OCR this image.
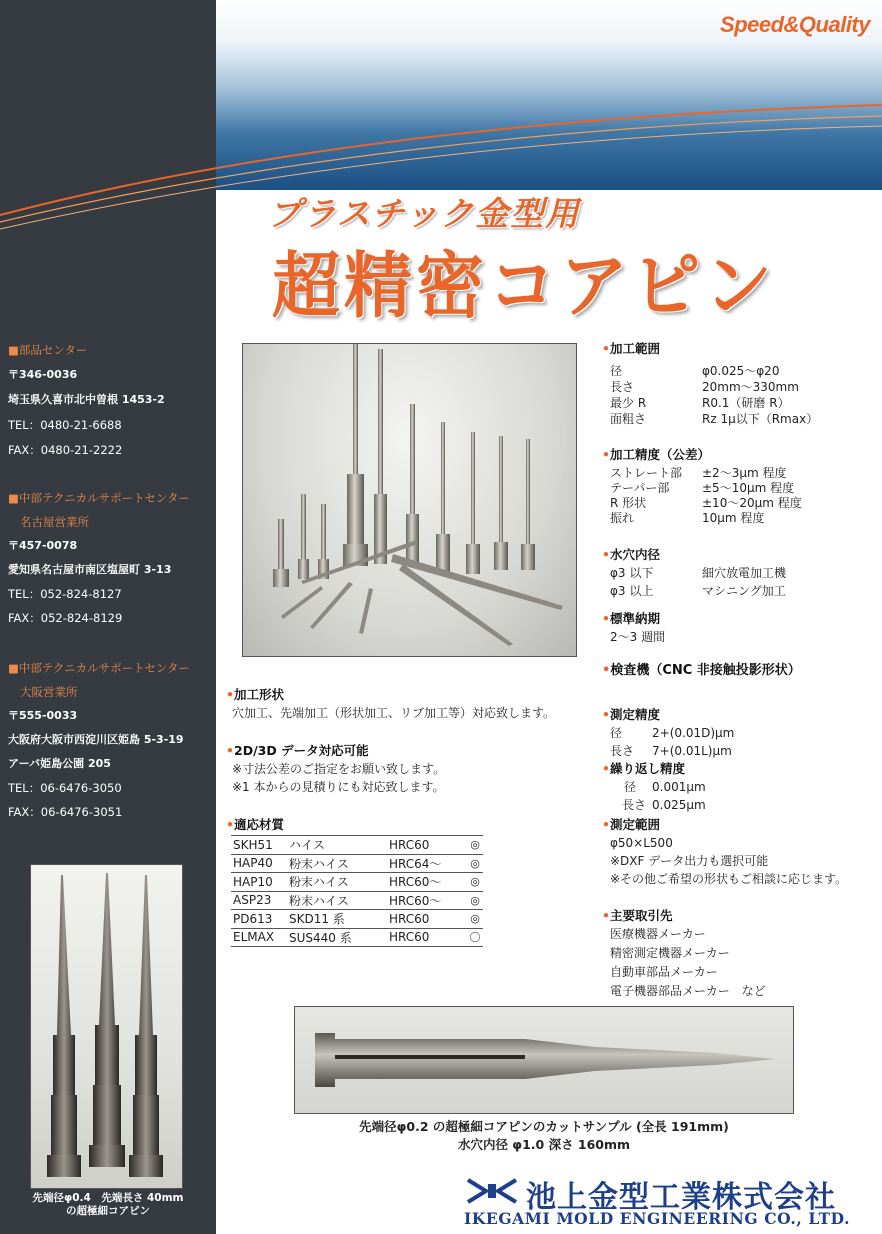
Speed&Quality
プラスチック金型用
超精密コアピン
■部品センター
〒346-0036
埼玉県久喜市北中曽根 1453-2
TEL：0480-21-6688
FAX：0480-21-2222
■中部テクニカルサポートセンター
名古屋営業所
〒457-0078
愛知県名古屋市南区塩屋町 3-13
TEL：052-824-8127
FAX：052-824-8129
■中部テクニカルサポートセンター
大阪営業所
〒555-0033
大阪府大阪市西淀川区姫島 5-3-19
アーバ姫島公園 205
TEL：06-6476-3050
FAX：06-6476-3051
•加工形状
穴加工、先端加工（形状加工、リブ加工等）対応致します。
•2D/3D データ対応可能
※寸法公差のご指定をお願い致します。
※1 本からの見積りにも対応致します。
•適応材質
SKH51	ハイス	HRC60	◎
HAP40	粉末ハイス	HRC64～	◎
HAP10	粉末ハイス	HRC60～	◎
ASP23	粉末ハイス	HRC60～	◎
PD613	SKD11 系	HRC60	◎
ELMAX	SUS440 系	HRC60	〇
•加工範囲
径	φ0.025～φ20
長さ	20mm～330mm
最少 R	R0.1（研磨 R）
面粗さ	Rz 1μ以下（Rmax）
•加工精度（公差）
ストレート部	±2～3μm 程度
テーパー部	±5～10μm 程度
R 形状	±10～20μm 程度
振れ	10μm 程度
•水穴内径
φ3 以下	細穴放電加工機
φ3 以上	マシニング加工
•標準納期
2～3 週間
•検査機（CNC 非接触投影形状）
•測定精度
径	2+(0.01D)μm
長さ	7+(0.01L)μm
•繰り返し精度
径	0.001μm
長さ 0.025μm
•測定範囲
φ50×L500
※DXF データ出力も選択可能
※その他ご希望の形状もご相談に応じます。
•主要取引先
医療機器メーカー
精密測定機器メーカー
自動車部品メーカー
電子機器部品メーカー　など
先端径φ0.2 の超極細コアピンのカットサンプル (全長 191mm)
水穴内径 φ1.0 深さ 160mm
先端径φ0.4　先端長さ 40mm
の超極細コアピン	池上金型工業株式会社
IKEGAMI MOLD ENGINEERING CO., LTD.
